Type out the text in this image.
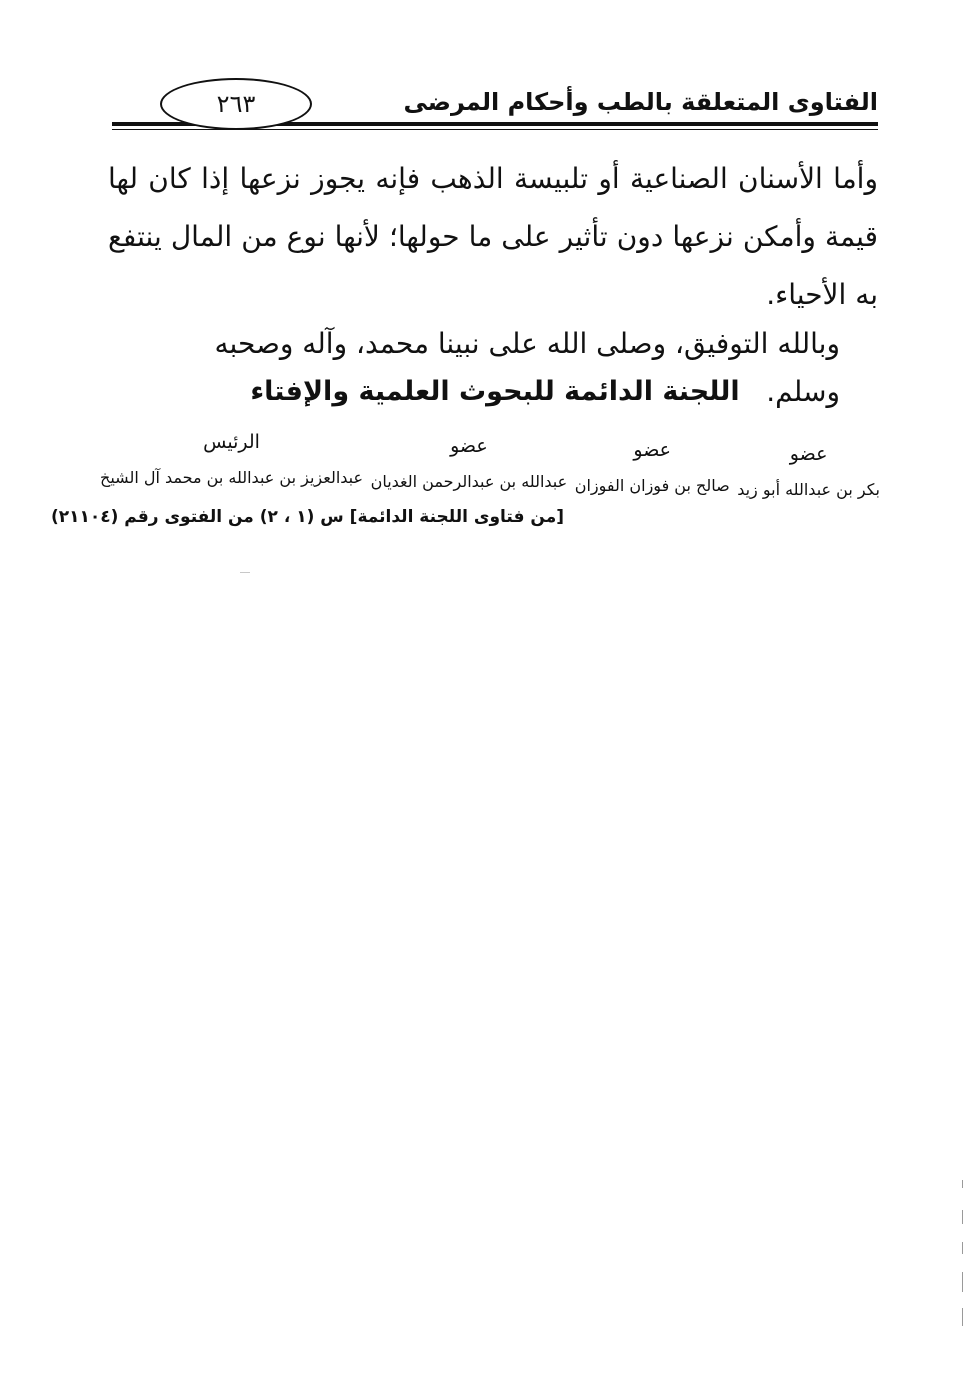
الفتاوى المتعلقة بالطب وأحكام المرضى
٢٦٣
وأما الأسنان الصناعية أو تلبيسة الذهب فإنه يجوز نزعها إذا كان لها قيمة وأمكن نزعها دون تأثير على ما حولها؛ لأنها نوع من المال ينتفع به الأحياء.
وبالله التوفيق، وصلى الله على نبينا محمد، وآله وصحبه وسلم.
اللجنة الدائمة للبحوث العلمية والإفتاء
عضو
بكر بن عبدالله أبو زيد
عضو
صالح بن فوزان الفوزان
عضو
عبدالله بن عبدالرحمن الغديان
الرئيس
عبدالعزيز بن عبدالله بن محمد آل الشيخ
[من فتاوى اللجنة الدائمة] س (١ ، ٢) من الفتوى رقم (٢١١٠٤)
